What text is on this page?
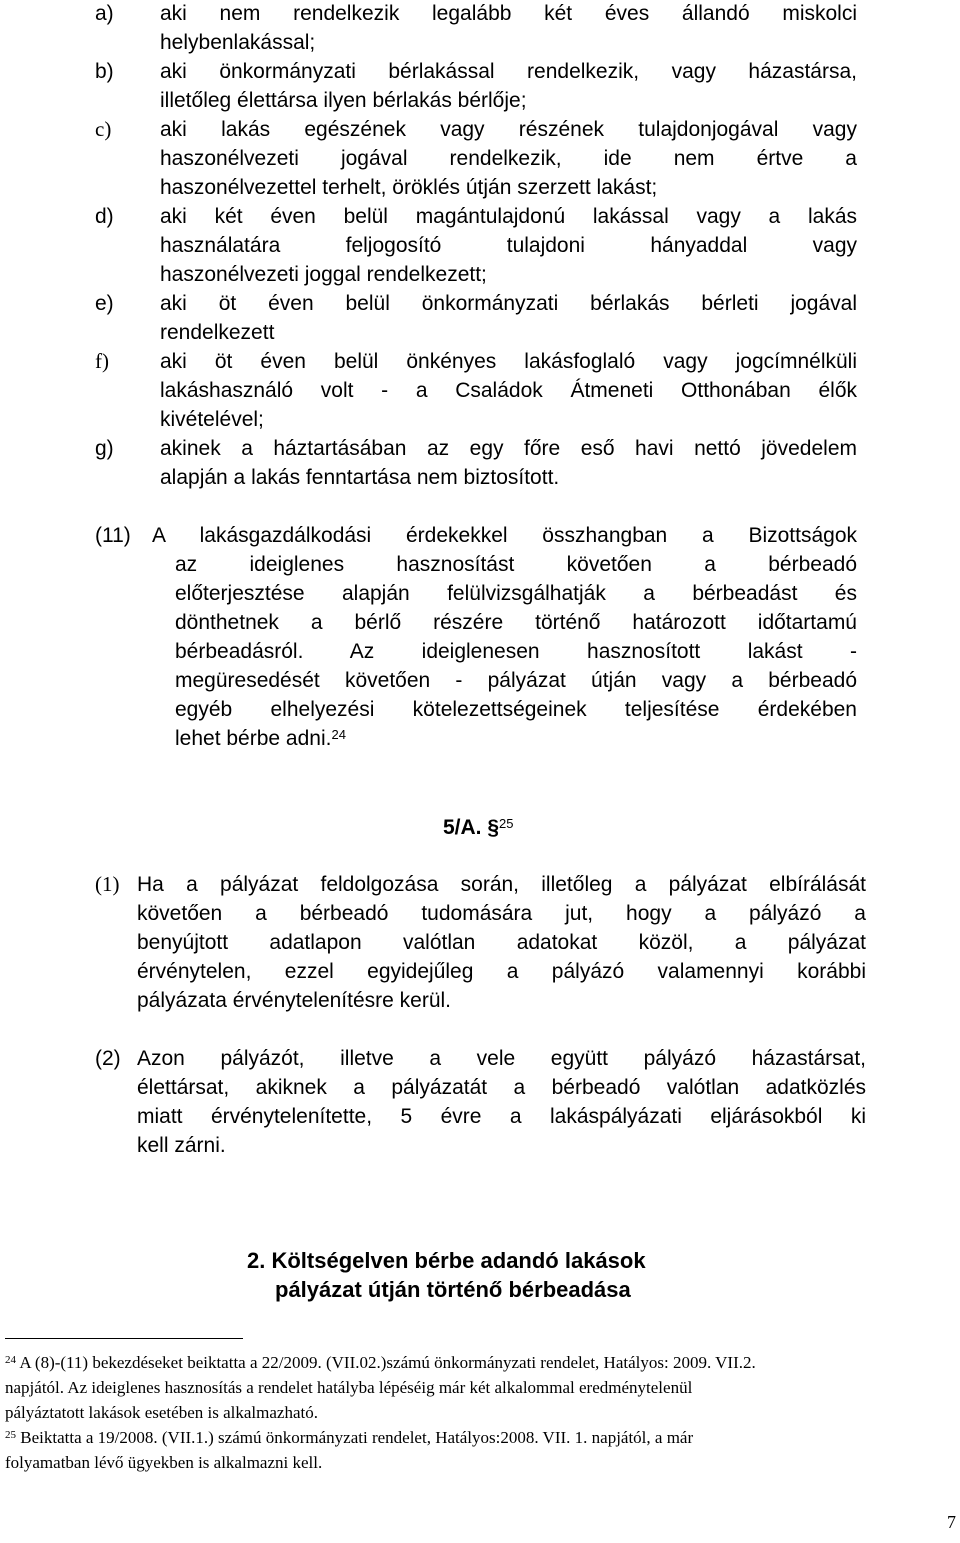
a) aki nem rendelkezik legalább két éves állandó miskolci
helybenlakással;
b) aki önkormányzati bérlakással rendelkezik, vagy házastársa,
illetőleg élettársa ilyen bérlakás bérlője;
c) aki lakás egészének vagy részének tulajdonjogával vagy
haszonélvezeti jogával rendelkezik, ide nem értve a
haszonélvezettel terhelt, öröklés útján szerzett lakást;
d) aki két éven belül magántulajdonú lakással vagy a lakás
használatára feljogosító tulajdoni hányaddal vagy
haszonélvezeti joggal rendelkezett;
e) aki öt éven belül önkormányzati bérlakás bérleti jogával
rendelkezett
f) aki öt éven belül önkényes lakásfoglaló vagy jogcímnélküli
lakáshasználó volt - a Családok Átmeneti Otthonában élők
kivételével;
g) akinek a háztartásában az egy főre eső havi nettó jövedelem
alapján a lakás fenntartása nem biztosított.
(11) A lakásgazdálkodási érdekekkel összhangban a Bizottságok
az ideiglenes hasznosítást követően a bérbeadó
előterjesztése alapján felülvizsgálhatják a bérbeadást és
dönthetnek a bérlő részére történő határozott időtartamú
bérbeadásról. Az ideiglenesen hasznosított lakást -
megüresedését követően - pályázat útján vagy a bérbeadó
egyéb elhelyezési kötelezettségeinek teljesítése érdekében
lehet bérbe adni.$^{24}$
5/A. §$^{25}$
(1) Ha a pályázat feldolgozása során, illetőleg a pályázat elbírálását
követően a bérbeadó tudomására jut, hogy a pályázó a
benyújtott adatlapon valótlan adatokat közöl, a pályázat
érvénytelen, ezzel egyidejűleg a pályázó valamennyi korábbi
pályázata érvénytelenítésre kerül.
(2) Azon pályázót, illetve a vele együtt pályázó házastársat,
élettársat, akiknek a pályázatát a bérbeadó valótlan adatközlés
miatt érvénytelenítette, 5 évre a lakáspályázati eljárásokból ki
kell zárni.
2. Költségelven bérbe adandó lakások
pályázat útján történő bérbeadása
$^{24}$ A (8)-(11) bekezdéseket beiktatta a 22/2009. (VII.02.)számú önkormányzati rendelet, Hatályos: 2009. VII.2.
napjától. Az ideiglenes hasznosítás a rendelet hatályba lépéséig már két alkalommal eredménytelenül
pályáztatott lakások esetében is alkalmazható.
$^{25}$ Beiktatta a 19/2008. (VII.1.) számú önkormányzati rendelet, Hatályos:2008. VII. 1. napjától, a már
folyamatban lévő ügyekben is alkalmazni kell.
7
